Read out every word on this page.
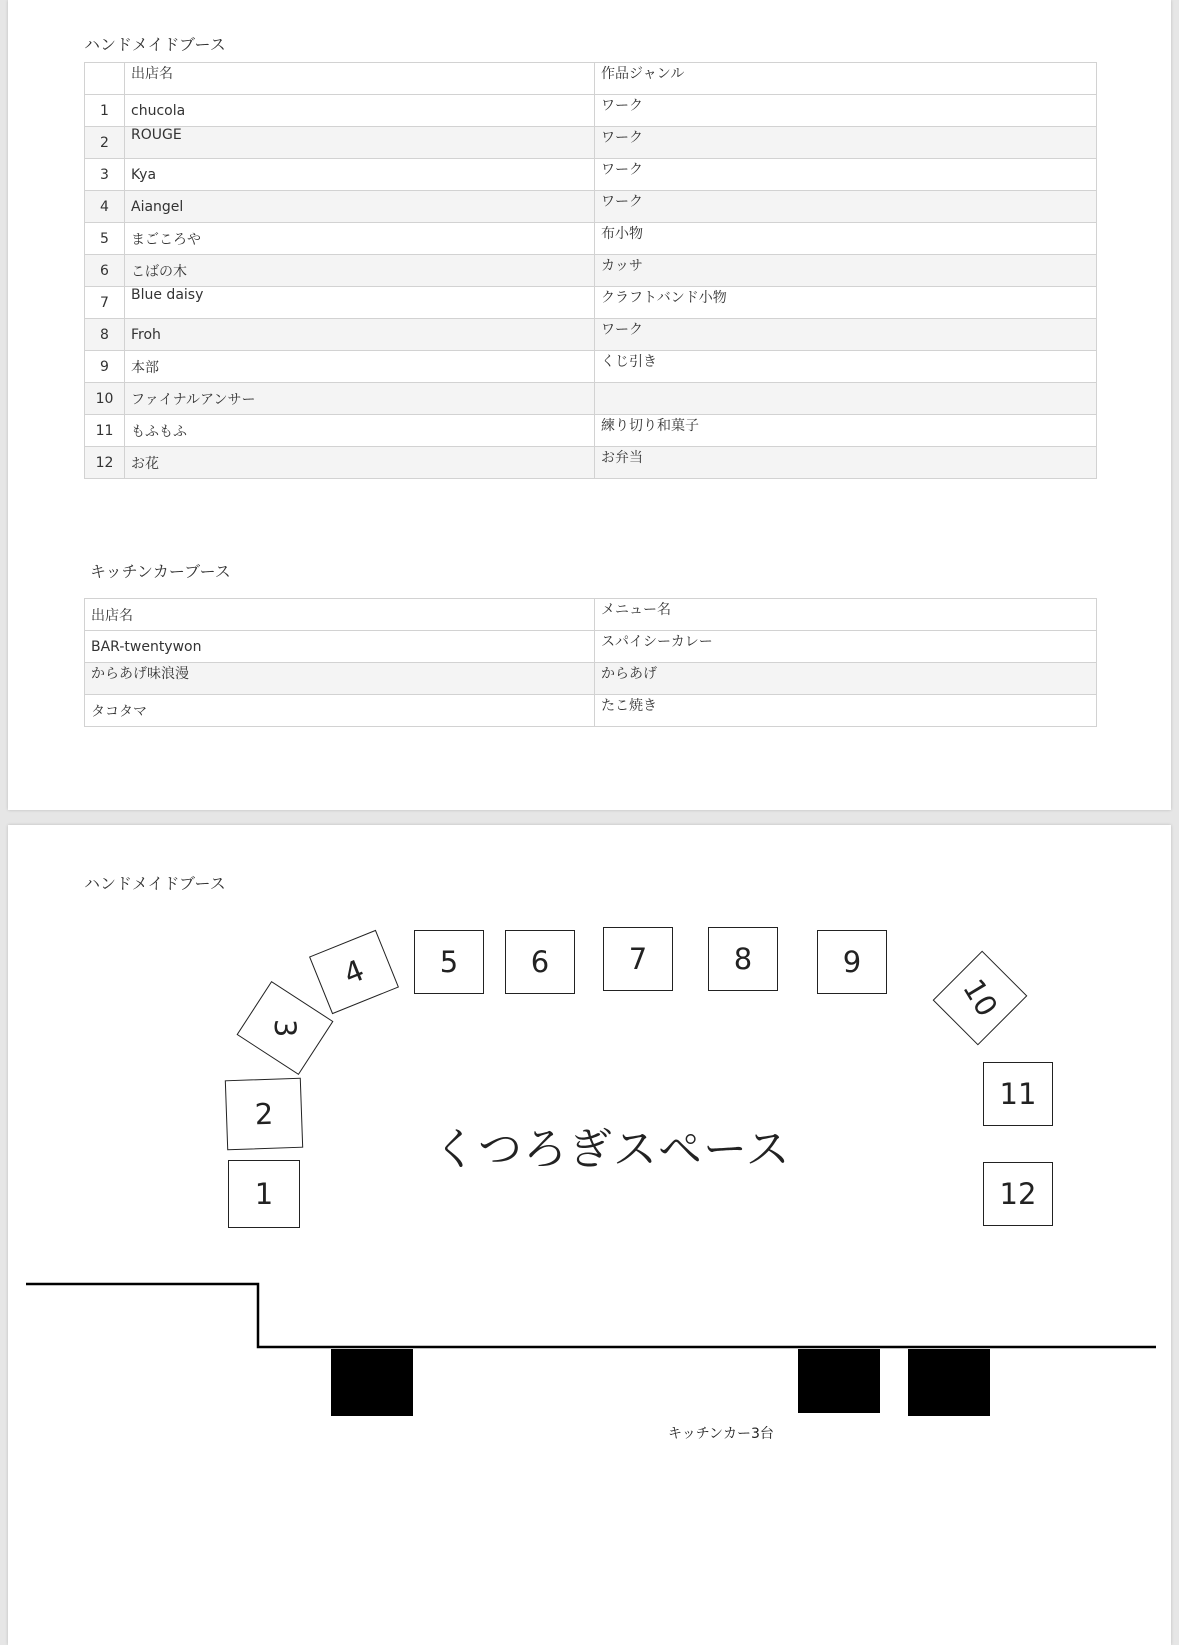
ハンドメイドブース
	出店名	作品ジャンル
1	chucola	ワーク
2	ROUGE	ワーク
3	Kya	ワーク
4	Aiangel	ワーク
5	まごころや	布小物
6	こばの木	カッサ
7	Blue daisy	クラフトバンド小物
8	Froh	ワーク
9	本部	くじ引き
10	ファイナルアンサー	
11	もふもふ	練り切り和菓子
12	お花	お弁当
キッチンカーブース
出店名	メニュー名
BAR-twentywon	スパイシーカレー
からあげ味浪漫	からあげ
タコタマ	たこ焼き
ハンドメイドブース
1
2
3
4	5	6	7	8	9
10
11
12
くつろぎスペース
キッチンカー3台
